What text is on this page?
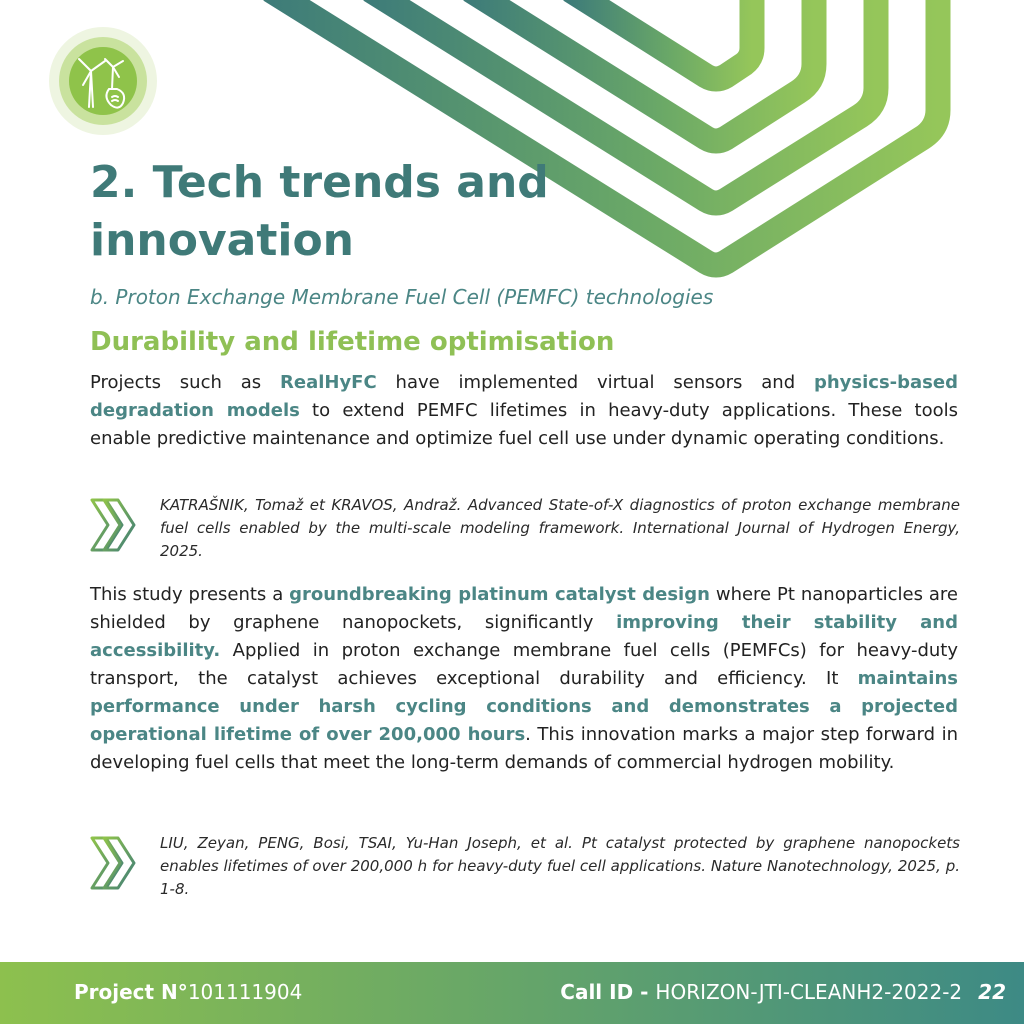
2. Tech trends and
innovation
b. Proton Exchange Membrane Fuel Cell (PEMFC) technologies
Durability and lifetime optimisation

Projects such as RealHyFC have implemented virtual sensors and physics-based degradation models to extend PEMFC lifetimes in heavy-duty applications. These tools enable predictive maintenance and optimize fuel cell use under dynamic operating conditions.

KATRAŠNIK, Tomaž et KRAVOS, Andraž. Advanced State-of-X diagnostics of proton exchange membrane fuel cells enabled by the multi-scale modeling framework. International Journal of Hydrogen Energy, 2025.

This study presents a groundbreaking platinum catalyst design where Pt nanoparticles are shielded by graphene nanopockets, significantly improving their stability and accessibility. Applied in proton exchange membrane fuel cells (PEMFCs) for heavy-duty transport, the catalyst achieves exceptional durability and efficiency. It maintains performance under harsh cycling conditions and demonstrates a projected operational lifetime of over 200,000 hours. This innovation marks a major step forward in developing fuel cells that meet the long-term demands of commercial hydrogen mobility.

LIU, Zeyan, PENG, Bosi, TSAI, Yu-Han Joseph, et al. Pt catalyst protected by graphene nanopockets enables lifetimes of over 200,000 h for heavy-duty fuel cell applications. Nature Nanotechnology, 2025, p. 1-8.

Project N°101111904	Call ID - HORIZON-JTI-CLEANH2-2022-2 22
